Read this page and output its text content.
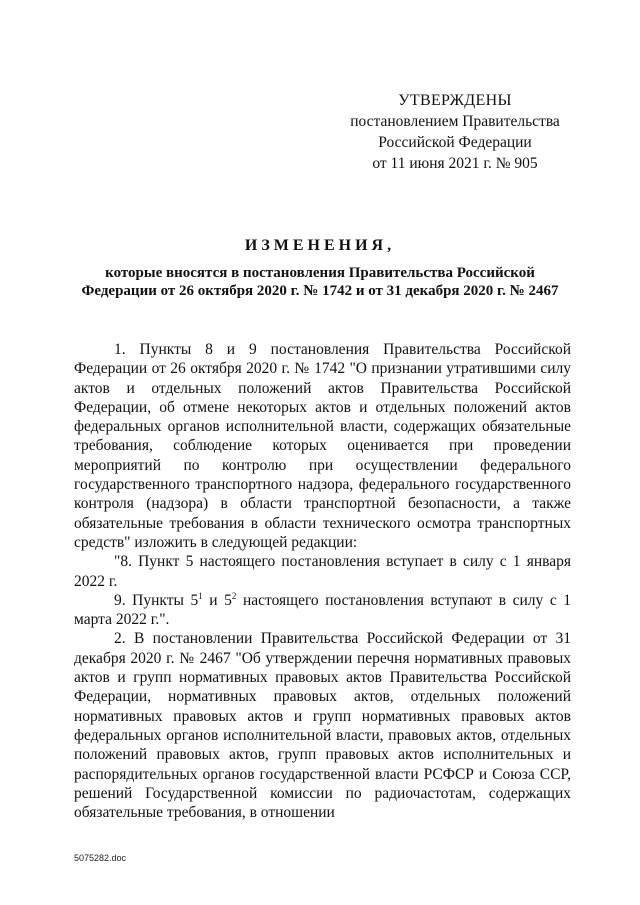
УТВЕРЖДЕНЫ
постановлением Правительства
Российской Федерации
от 11 июня 2021 г. № 905
ИЗМЕНЕНИЯ,
которые вносятся в постановления Правительства Российской
Федерации от 26 октября 2020 г. № 1742 и от 31 декабря 2020 г. № 2467

1. Пункты 8 и 9 постановления Правительства Российской Федерации от 26 октября 2020 г. № 1742 "О признании утратившими силу актов и отдельных положений актов Правительства Российской Федерации, об отмене некоторых актов и отдельных положений актов федеральных органов исполнительной власти, содержащих обязательные требования, соблюдение которых оценивается при проведении мероприятий по контролю при осуществлении федерального государственного транспортного надзора, федерального государственного контроля (надзора) в области транспортной безопасности, а также обязательные требования в области технического осмотра транспортных средств" изложить в следующей редакции:

"8. Пункт 5 настоящего постановления вступает в силу с 1 января 2022 г.

9. Пункты $5^1$ и $5^2$ настоящего постановления вступают в силу с 1 марта 2022 г.".

2. В постановлении Правительства Российской Федерации от 31 декабря 2020 г. № 2467 "Об утверждении перечня нормативных правовых актов и групп нормативных правовых актов Правительства Российской Федерации, нормативных правовых актов, отдельных положений нормативных правовых актов и групп нормативных правовых актов федеральных органов исполнительной власти, правовых актов, отдельных положений правовых актов, групп правовых актов исполнительных и распорядительных органов государственной власти РСФСР и Союза ССР, решений Государственной комиссии по радиочастотам, содержащих обязательные требования, в отношении

5075282.doc
